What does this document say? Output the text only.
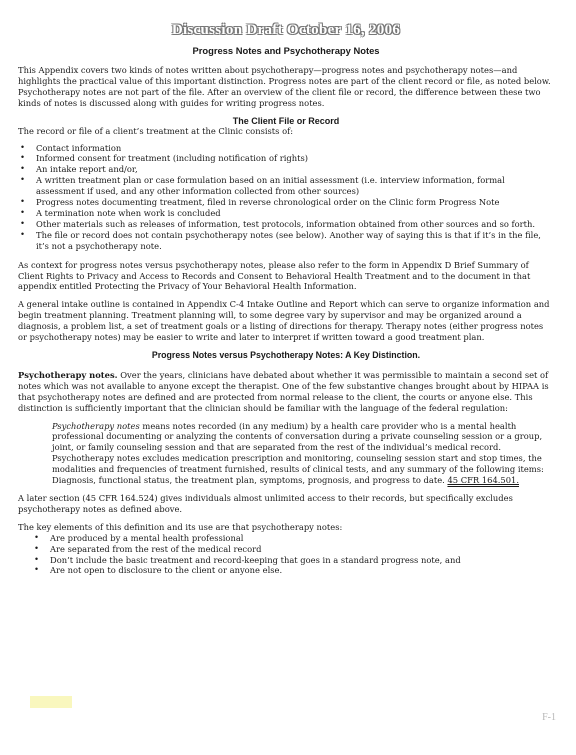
Discussion Draft October 16, 2006
Progress Notes and Psychotherapy Notes

This Appendix covers two kinds of notes written about psychotherapy—progress notes and psychotherapy notes—and highlights the practical value of this important distinction. Progress notes are part of the client record or file, as noted below. Psychotherapy notes are not part of the file. After an overview of the client file or record, the difference between these two kinds of notes is discussed along with guides for writing progress notes.

The Client File or Record

The record or file of a client’s treatment at the Clinic consists of:

• Contact information
• Informed consent for treatment (including notification of rights)
• An intake report and/or,
• A written treatment plan or case formulation based on an initial assessment (i.e. interview information, formal assessment if used, and any other information collected from other sources)
• Progress notes documenting treatment, filed in reverse chronological order on the Clinic form Progress Note
• A termination note when work is concluded
• Other materials such as releases of information, test protocols, information obtained from other sources and so forth.
• The file or record does not contain psychotherapy notes (see below). Another way of saying this is that if it’s in the file, it’s not a psychotherapy note.

As context for progress notes versus psychotherapy notes, please also refer to the form in Appendix D Brief Summary of Client Rights to Privacy and Access to Records and Consent to Behavioral Health Treatment and to the document in that appendix entitled Protecting the Privacy of Your Behavioral Health Information.

A general intake outline is contained in Appendix C-4 Intake Outline and Report which can serve to organize information and begin treatment planning. Treatment planning will, to some degree vary by supervisor and may be organized around a diagnosis, a problem list, a set of treatment goals or a listing of directions for therapy. Therapy notes (either progress notes or psychotherapy notes) may be easier to write and later to interpret if written toward a good treatment plan.

Progress Notes versus Psychotherapy Notes: A Key Distinction.

Psychotherapy notes. Over the years, clinicians have debated about whether it was permissible to maintain a second set of notes which was not available to anyone except the therapist. One of the few substantive changes brought about by HIPAA is that psychotherapy notes are defined and are protected from normal release to the client, the courts or anyone else. This distinction is sufficiently important that the clinician should be familiar with the language of the federal regulation:

Psychotherapy notes means notes recorded (in any medium) by a health care provider who is a mental health professional documenting or analyzing the contents of conversation during a private counseling session or a group, joint, or family counseling session and that are separated from the rest of the individual’s medical record. Psychotherapy notes excludes medication prescription and monitoring, counseling session start and stop times, the modalities and frequencies of treatment furnished, results of clinical tests, and any summary of the following items: Diagnosis, functional status, the treatment plan, symptoms, prognosis, and progress to date. 45 CFR 164.501.

A later section (45 CFR 164.524) gives individuals almost unlimited access to their records, but specifically excludes psychotherapy notes as defined above.

The key elements of this definition and its use are that psychotherapy notes:

• Are produced by a mental health professional
• Are separated from the rest of the medical record
• Don’t include the basic treatment and record-keeping that goes in a standard progress note, and
• Are not open to disclosure to the client or anyone else.
F-1
